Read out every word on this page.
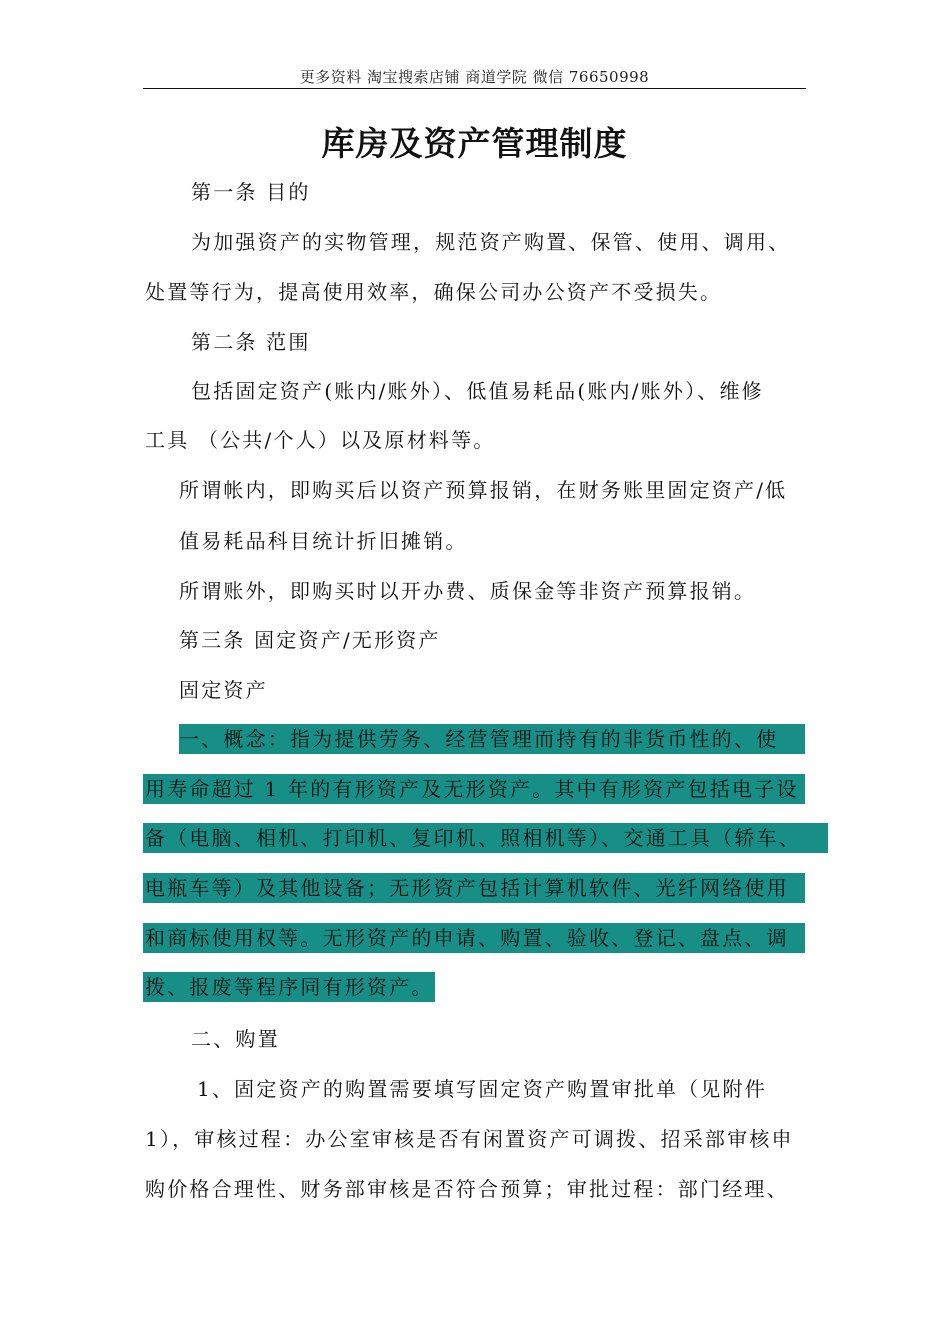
更多资料 淘宝搜索店铺 商道学院 微信 76650998
库房及资产管理制度
第一条 目的
为加强资产的实物管理，规范资产购置、保管、使用、调用、
处置等行为，提高使用效率，确保公司办公资产不受损失。
第二条 范围
包括固定资产(账内/账外）、低值易耗品(账内/账外）、维修
工具 （公共/个人）以及原材料等。
所谓帐内，即购买后以资产预算报销，在财务账里固定资产/低
值易耗品科目统计折旧摊销。
所谓账外，即购买时以开办费、质保金等非资产预算报销。
第三条 固定资产/无形资产
固定资产
一、概念：指为提供劳务、经营管理而持有的非货币性的、使
用寿命超过 1 年的有形资产及无形资产。其中有形资产包括电子设
备（电脑、相机、打印机、复印机、照相机等）、交通工具（轿车、
电瓶车等）及其他设备；无形资产包括计算机软件、光纤网络使用
和商标使用权等。无形资产的申请、购置、验收、登记、盘点、调
拨、报废等程序同有形资产。
二、购置
1、固定资产的购置需要填写固定资产购置审批单（见附件
1），审核过程：办公室审核是否有闲置资产可调拨、招采部审核申
购价格合理性、财务部审核是否符合预算；审批过程：部门经理、
